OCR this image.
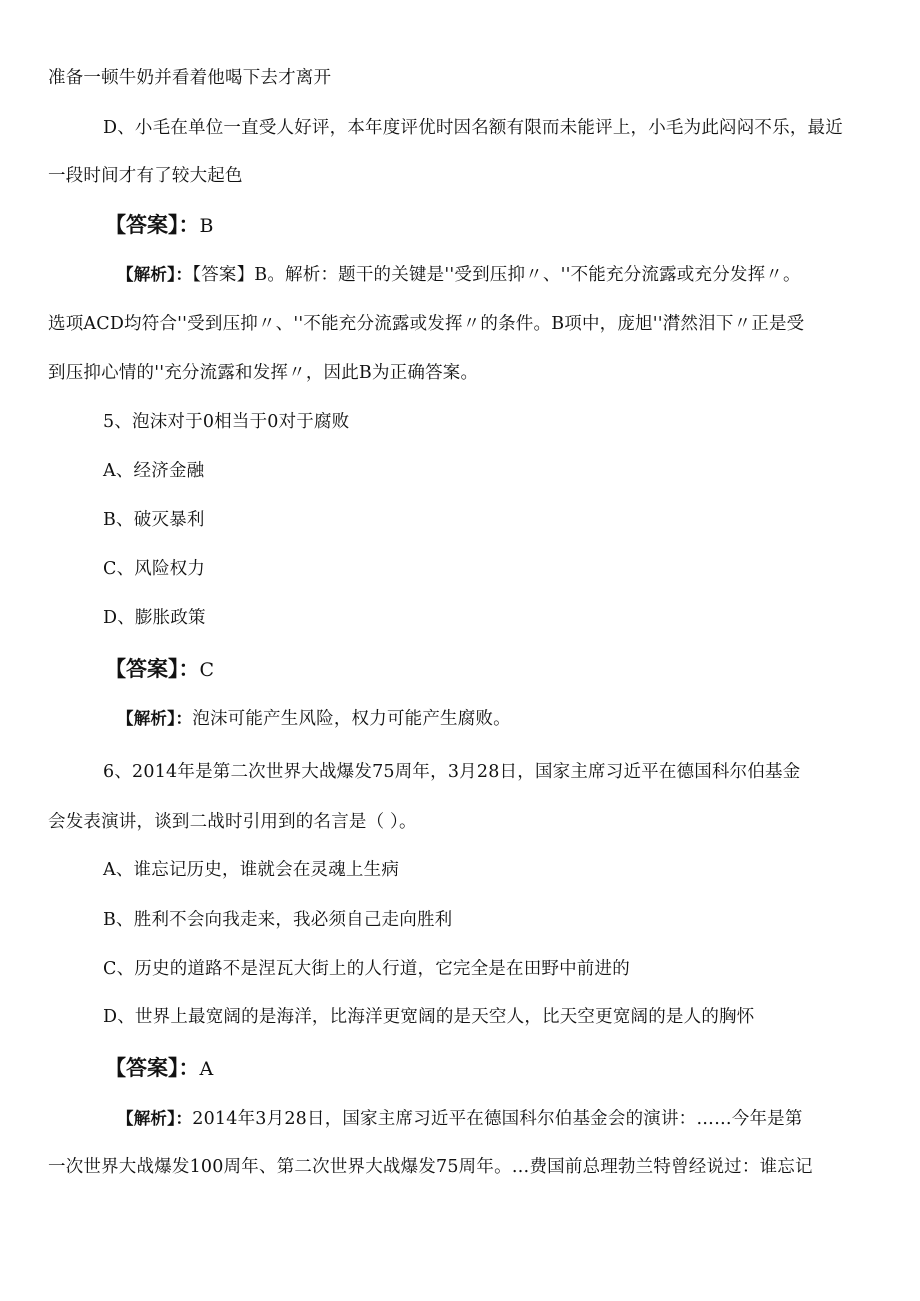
准备一顿牛奶并看着他喝下去才离开
D、小毛在单位一直受人好评，本年度评优时因名额有限而未能评上，小毛为此闷闷不乐，最近
一段时间才有了较大起色
【答案】：B
【解析】：【答案】B。解析：题干的关键是''受到压抑〃、''不能充分流露或充分发挥〃。
选项ACD均符合''受到压抑〃、''不能充分流露或发挥〃的条件。B项中，庞旭''潸然泪下〃正是受
到压抑心情的''充分流露和发挥〃，因此B为正确答案。
5、泡沫对于0相当于0对于腐败
A、经济金融
B、破灭暴利
C、风险权力
D、膨胀政策
【答案】：C
【解析】：泡沫可能产生风险，权力可能产生腐败。
6、2014年是第二次世界大战爆发75周年，3月28日，国家主席习近平在德国科尔伯基金
会发表演讲，谈到二战时引用到的名言是（ ）。
A、谁忘记历史，谁就会在灵魂上生病
B、胜利不会向我走来，我必须自己走向胜利
C、历史的道路不是涅瓦大街上的人行道，它完全是在田野中前进的
D、世界上最宽阔的是海洋，比海洋更宽阔的是天空人，比天空更宽阔的是人的胸怀
【答案】：A
【解析】：2014年3月28日，国家主席习近平在德国科尔伯基金会的演讲：……今年是第
一次世界大战爆发100周年、第二次世界大战爆发75周年。…费国前总理勃兰特曾经说过：谁忘记
